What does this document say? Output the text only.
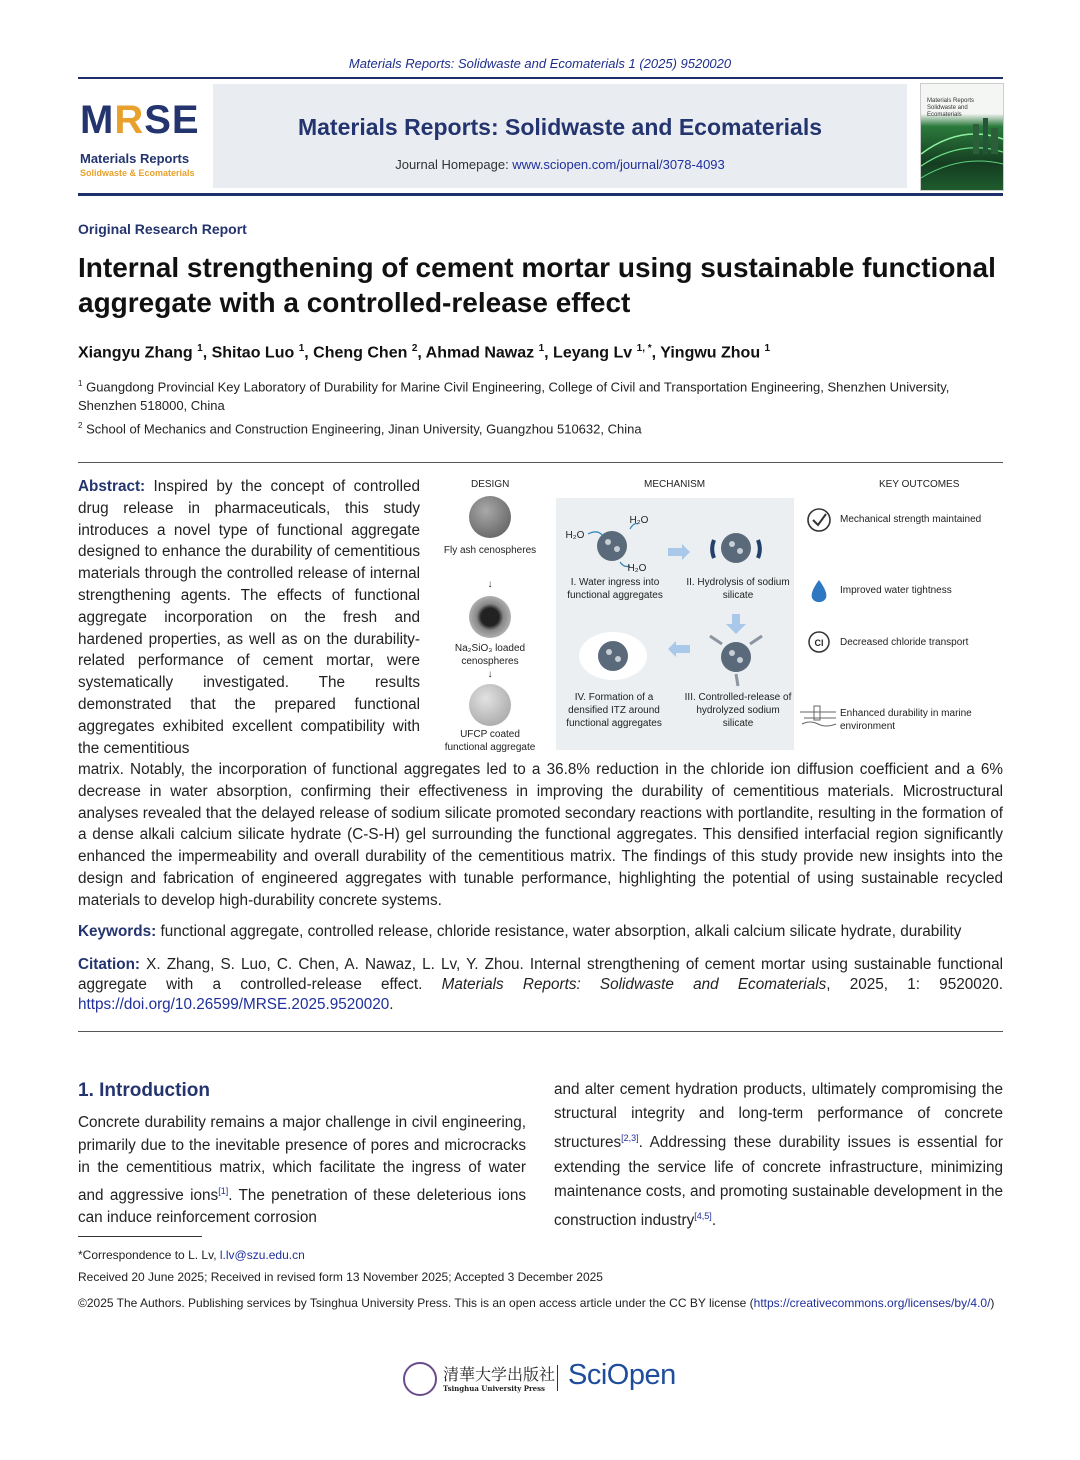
Materials Reports: Solidwaste and Ecomaterials 1 (2025) 9520020
MRSE
Materials Reports
Solidwaste & Ecomaterials
Materials Reports: Solidwaste and Ecomaterials
Journal Homepage: www.sciopen.com/journal/3078-4093
Materials Reports Solidwaste and Ecomaterials
Original Research Report
Internal strengthening of cement mortar using sustainable functional aggregate with a controlled-release effect
Xiangyu Zhang $^1$, Shitao Luo $^1$, Cheng Chen $^2$, Ahmad Nawaz $^1$, Leyang Lv $^{1, *}$, Yingwu Zhou $^1$
$^1$ Guangdong Provincial Key Laboratory of Durability for Marine Civil Engineering, College of Civil and Transportation Engineering, Shenzhen University, Shenzhen 518000, China
$^2$ School of Mechanics and Construction Engineering, Jinan University, Guangzhou 510632, China
Abstract: Inspired by the concept of controlled drug release in pharmaceuticals, this study introduces a novel type of functional aggregate designed to enhance the durability of cementitious materials through the controlled release of internal strengthening agents. The effects of functional aggregate incorporation on the fresh and hardened properties, as well as on the durability-related performance of cement mortar, were systematically investigated. The results demonstrated that the prepared functional aggregates exhibited excellent compatibility with the cementitious
DESIGN	MECHANISM	KEY OUTCOMES
Fly ash cenospheres
↓
Na₂SiO₃ loaded cenospheres
↓
UFCP coated functional aggregate
H₂O
H₂O
H₂O
I. Water ingress into functional aggregates
II. Hydrolysis of sodium silicate
III. Controlled-release of hydrolyzed sodium silicate
IV. Formation of a densified ITZ around functional aggregates
Cl
Mechanical strength maintained
Improved water tightness
Decreased chloride transport
Enhanced durability in marine environment
matrix. Notably, the incorporation of functional aggregates led to a 36.8% reduction in the chloride ion diffusion coefficient and a 6% decrease in water absorption, confirming their effectiveness in improving the durability of cementitious materials. Microstructural analyses revealed that the delayed release of sodium silicate promoted secondary reactions with portlandite, resulting in the formation of a dense alkali calcium silicate hydrate (C-S-H) gel surrounding the functional aggregates. This densified interfacial region significantly enhanced the impermeability and overall durability of the cementitious matrix. The findings of this study provide new insights into the design and fabrication of engineered aggregates with tunable performance, highlighting the potential of using sustainable recycled materials to develop high-durability concrete systems.
Keywords: functional aggregate, controlled release, chloride resistance, water absorption, alkali calcium silicate hydrate, durability
Citation: X. Zhang, S. Luo, C. Chen, A. Nawaz, L. Lv, Y. Zhou. Internal strengthening of cement mortar using sustainable functional aggregate with a controlled-release effect. Materials Reports: Solidwaste and Ecomaterials, 2025, 1: 9520020. https://doi.org/10.26599/MRSE.2025.9520020.
1. Introduction
Concrete durability remains a major challenge in civil engineering, primarily due to the inevitable presence of pores and microcracks in the cementitious matrix, which facilitate the ingress of water and aggressive ions[1]. The penetration of these deleterious ions can induce reinforcement corrosion
and alter cement hydration products, ultimately compromising the structural integrity and long-term performance of concrete structures[2,3]. Addressing these durability issues is essential for extending the service life of concrete infrastructure, minimizing maintenance costs, and promoting sustainable development in the construction industry[4,5].
*Correspondence to L. Lv, l.lv@szu.edu.cn
Received 20 June 2025; Received in revised form 13 November 2025; Accepted 3 December 2025
©2025 The Authors. Publishing services by Tsinghua University Press. This is an open access article under the CC BY license (https://creativecommons.org/licenses/by/4.0/)
清華大学出版社
Tsinghua University Press SciOpen
